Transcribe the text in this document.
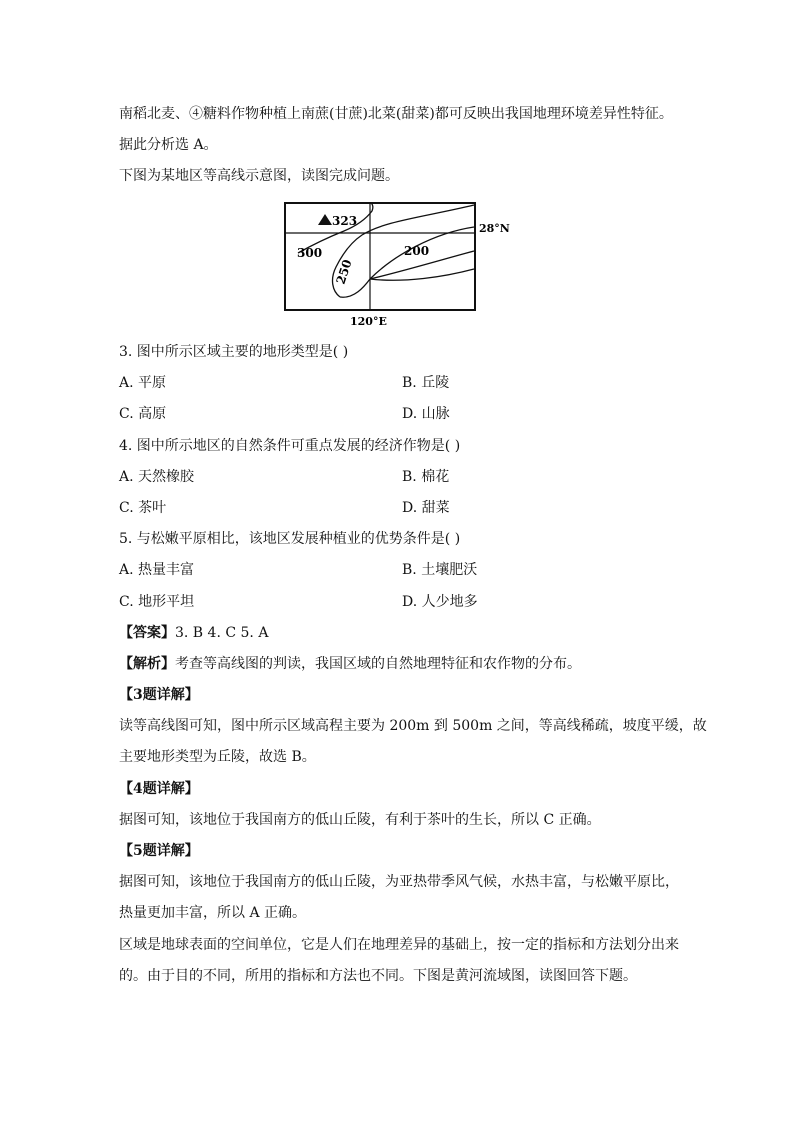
南稻北麦、④糖料作物种植上南蔗(甘蔗)北菜(甜菜)都可反映出我国地理环境差异性特征。
据此分析选 A。
下图为某地区等高线示意图，读图完成问题。
323
300
250
200
28°N
120°E
3. 图中所示区域主要的地形类型是( )
A. 平原	B. 丘陵
C. 高原	D. 山脉
4. 图中所示地区的自然条件可重点发展的经济作物是( )
A. 天然橡胶	B. 棉花
C. 茶叶	D. 甜菜
5. 与松嫩平原相比，该地区发展种植业的优势条件是( )
A. 热量丰富	B. 土壤肥沃
C. 地形平坦	D. 人少地多
【答案】3. B 4. C 5. A
【解析】考查等高线图的判读，我国区域的自然地理特征和农作物的分布。
【3题详解】
读等高线图可知，图中所示区域高程主要为 200m 到 500m 之间，等高线稀疏，坡度平缓，故
主要地形类型为丘陵，故选 B。
【4题详解】
据图可知，该地位于我国南方的低山丘陵，有利于茶叶的生长，所以 C 正确。
【5题详解】
据图可知，该地位于我国南方的低山丘陵，为亚热带季风气候，水热丰富，与松嫩平原比，
热量更加丰富，所以 A 正确。
区域是地球表面的空间单位，它是人们在地理差异的基础上，按一定的指标和方法划分出来
的。由于目的不同，所用的指标和方法也不同。下图是黄河流域图，读图回答下题。
